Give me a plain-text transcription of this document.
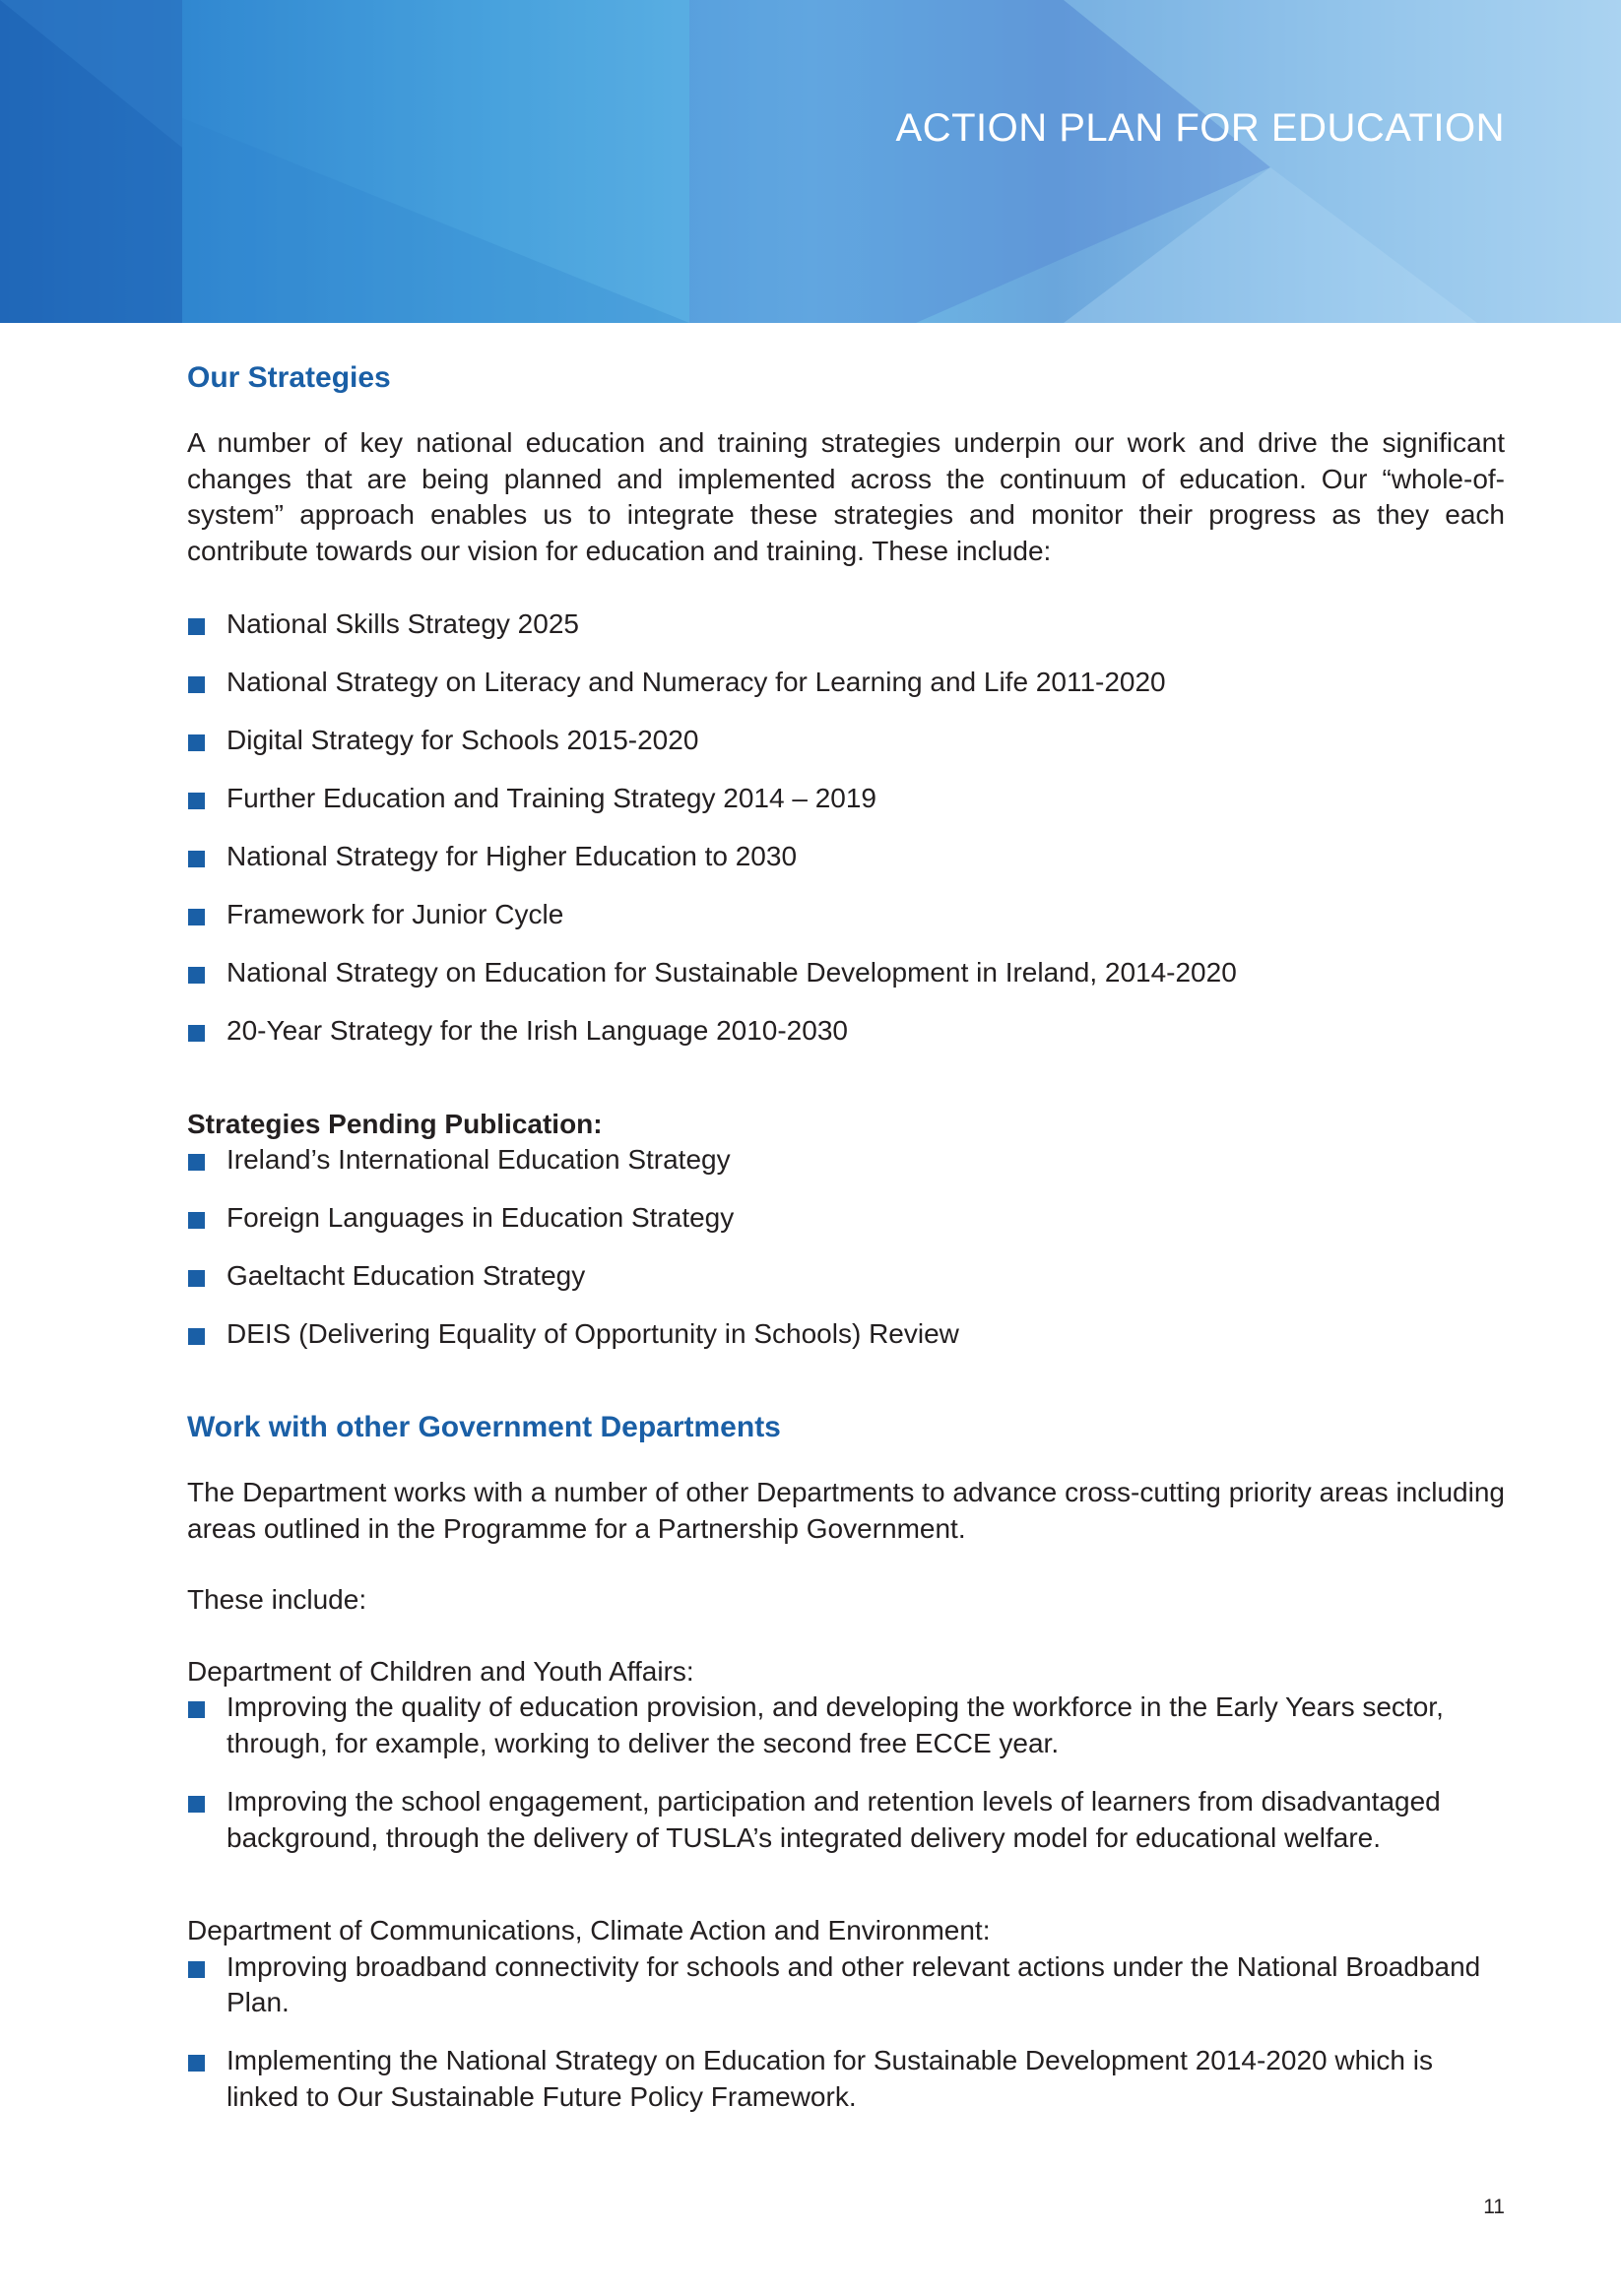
ACTION PLAN FOR EDUCATION
Our Strategies

A number of key national education and training strategies underpin our work and drive the significant changes that are being planned and implemented across the continuum of education. Our “whole-of-system” approach enables us to integrate these strategies and monitor their progress as they each contribute towards our vision for education and training. These include:

National Skills Strategy 2025
National Strategy on Literacy and Numeracy for Learning and Life 2011-2020
Digital Strategy for Schools 2015-2020
Further Education and Training Strategy 2014 – 2019
National Strategy for Higher Education to 2030
Framework for Junior Cycle
National Strategy on Education for Sustainable Development in Ireland, 2014-2020
20-Year Strategy for the Irish Language 2010-2030
Strategies Pending Publication:
Ireland’s International Education Strategy
Foreign Languages in Education Strategy
Gaeltacht Education Strategy
DEIS (Delivering Equality of Opportunity in Schools) Review
Work with other Government Departments

The Department works with a number of other Departments to advance cross-cutting priority areas including areas outlined in the Programme for a Partnership Government.

These include:
Department of Children and Youth Affairs:
Improving the quality of education provision, and developing the workforce in the Early Years sector, through, for example, working to deliver the second free ECCE year.
Improving the school engagement, participation and retention levels of learners from disadvantaged background, through the delivery of TUSLA’s integrated delivery model for educational welfare.
Department of Communications, Climate Action and Environment:
Improving broadband connectivity for schools and other relevant actions under the National Broadband Plan.
Implementing the National Strategy on Education for Sustainable Development 2014-2020 which is linked to Our Sustainable Future Policy Framework.
11
